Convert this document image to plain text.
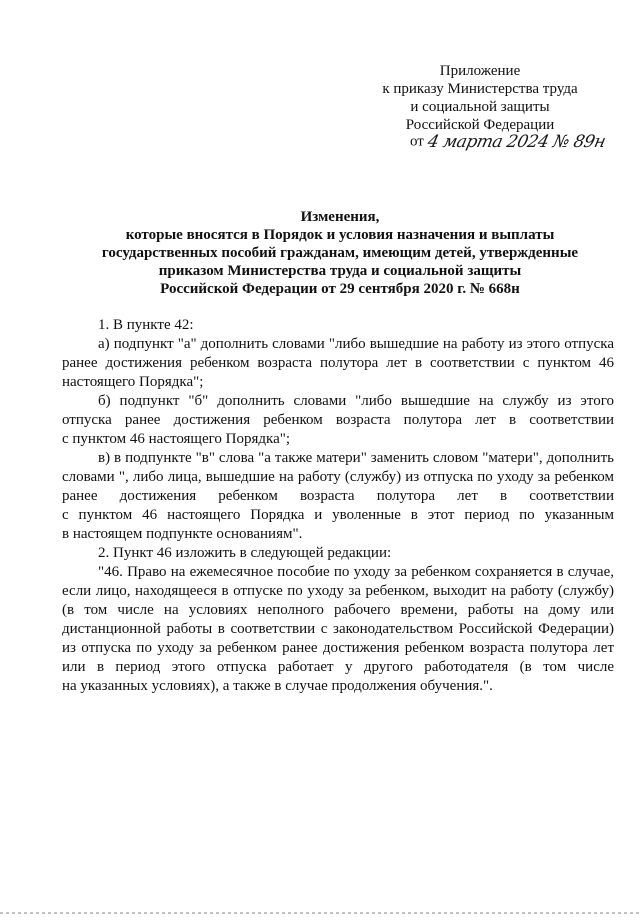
Приложение
к приказу Министерства труда
и социальной защиты
Российской Федерации
от 4 марта 2024 № 89н
Изменения,
которые вносятся в Порядок и условия назначения и выплаты
государственных пособий гражданам, имеющим детей, утвержденные
приказом Министерства труда и социальной защиты
Российской Федерации от 29 сентября 2020 г. № 668н
1. В пункте 42:
а) подпункт "а" дополнить словами "либо вышедшие на работу из этого отпуска
ранее достижения ребенком возраста полутора лет в соответствии с пунктом 46
настоящего Порядка";
б) подпункт "б" дополнить словами "либо вышедшие на службу из этого
отпуска ранее достижения ребенком возраста полутора лет в соответствии
с пунктом 46 настоящего Порядка";
в) в подпункте "в" слова "а также матери" заменить словом "матери", дополнить
словами ", либо лица, вышедшие на работу (службу) из отпуска по уходу за ребенком
ранее достижения ребенком возраста полутора лет в соответствии
с пунктом 46 настоящего Порядка и уволенные в этот период по указанным
в настоящем подпункте основаниям".
2. Пункт 46 изложить в следующей редакции:
"46. Право на ежемесячное пособие по уходу за ребенком сохраняется в случае,
если лицо, находящееся в отпуске по уходу за ребенком, выходит на работу (службу)
(в том числе на условиях неполного рабочего времени, работы на дому или
дистанционной работы в соответствии с законодательством Российской Федерации)
из отпуска по уходу за ребенком ранее достижения ребенком возраста полутора лет
или в период этого отпуска работает у другого работодателя (в том числе
на указанных условиях), а также в случае продолжения обучения.".
